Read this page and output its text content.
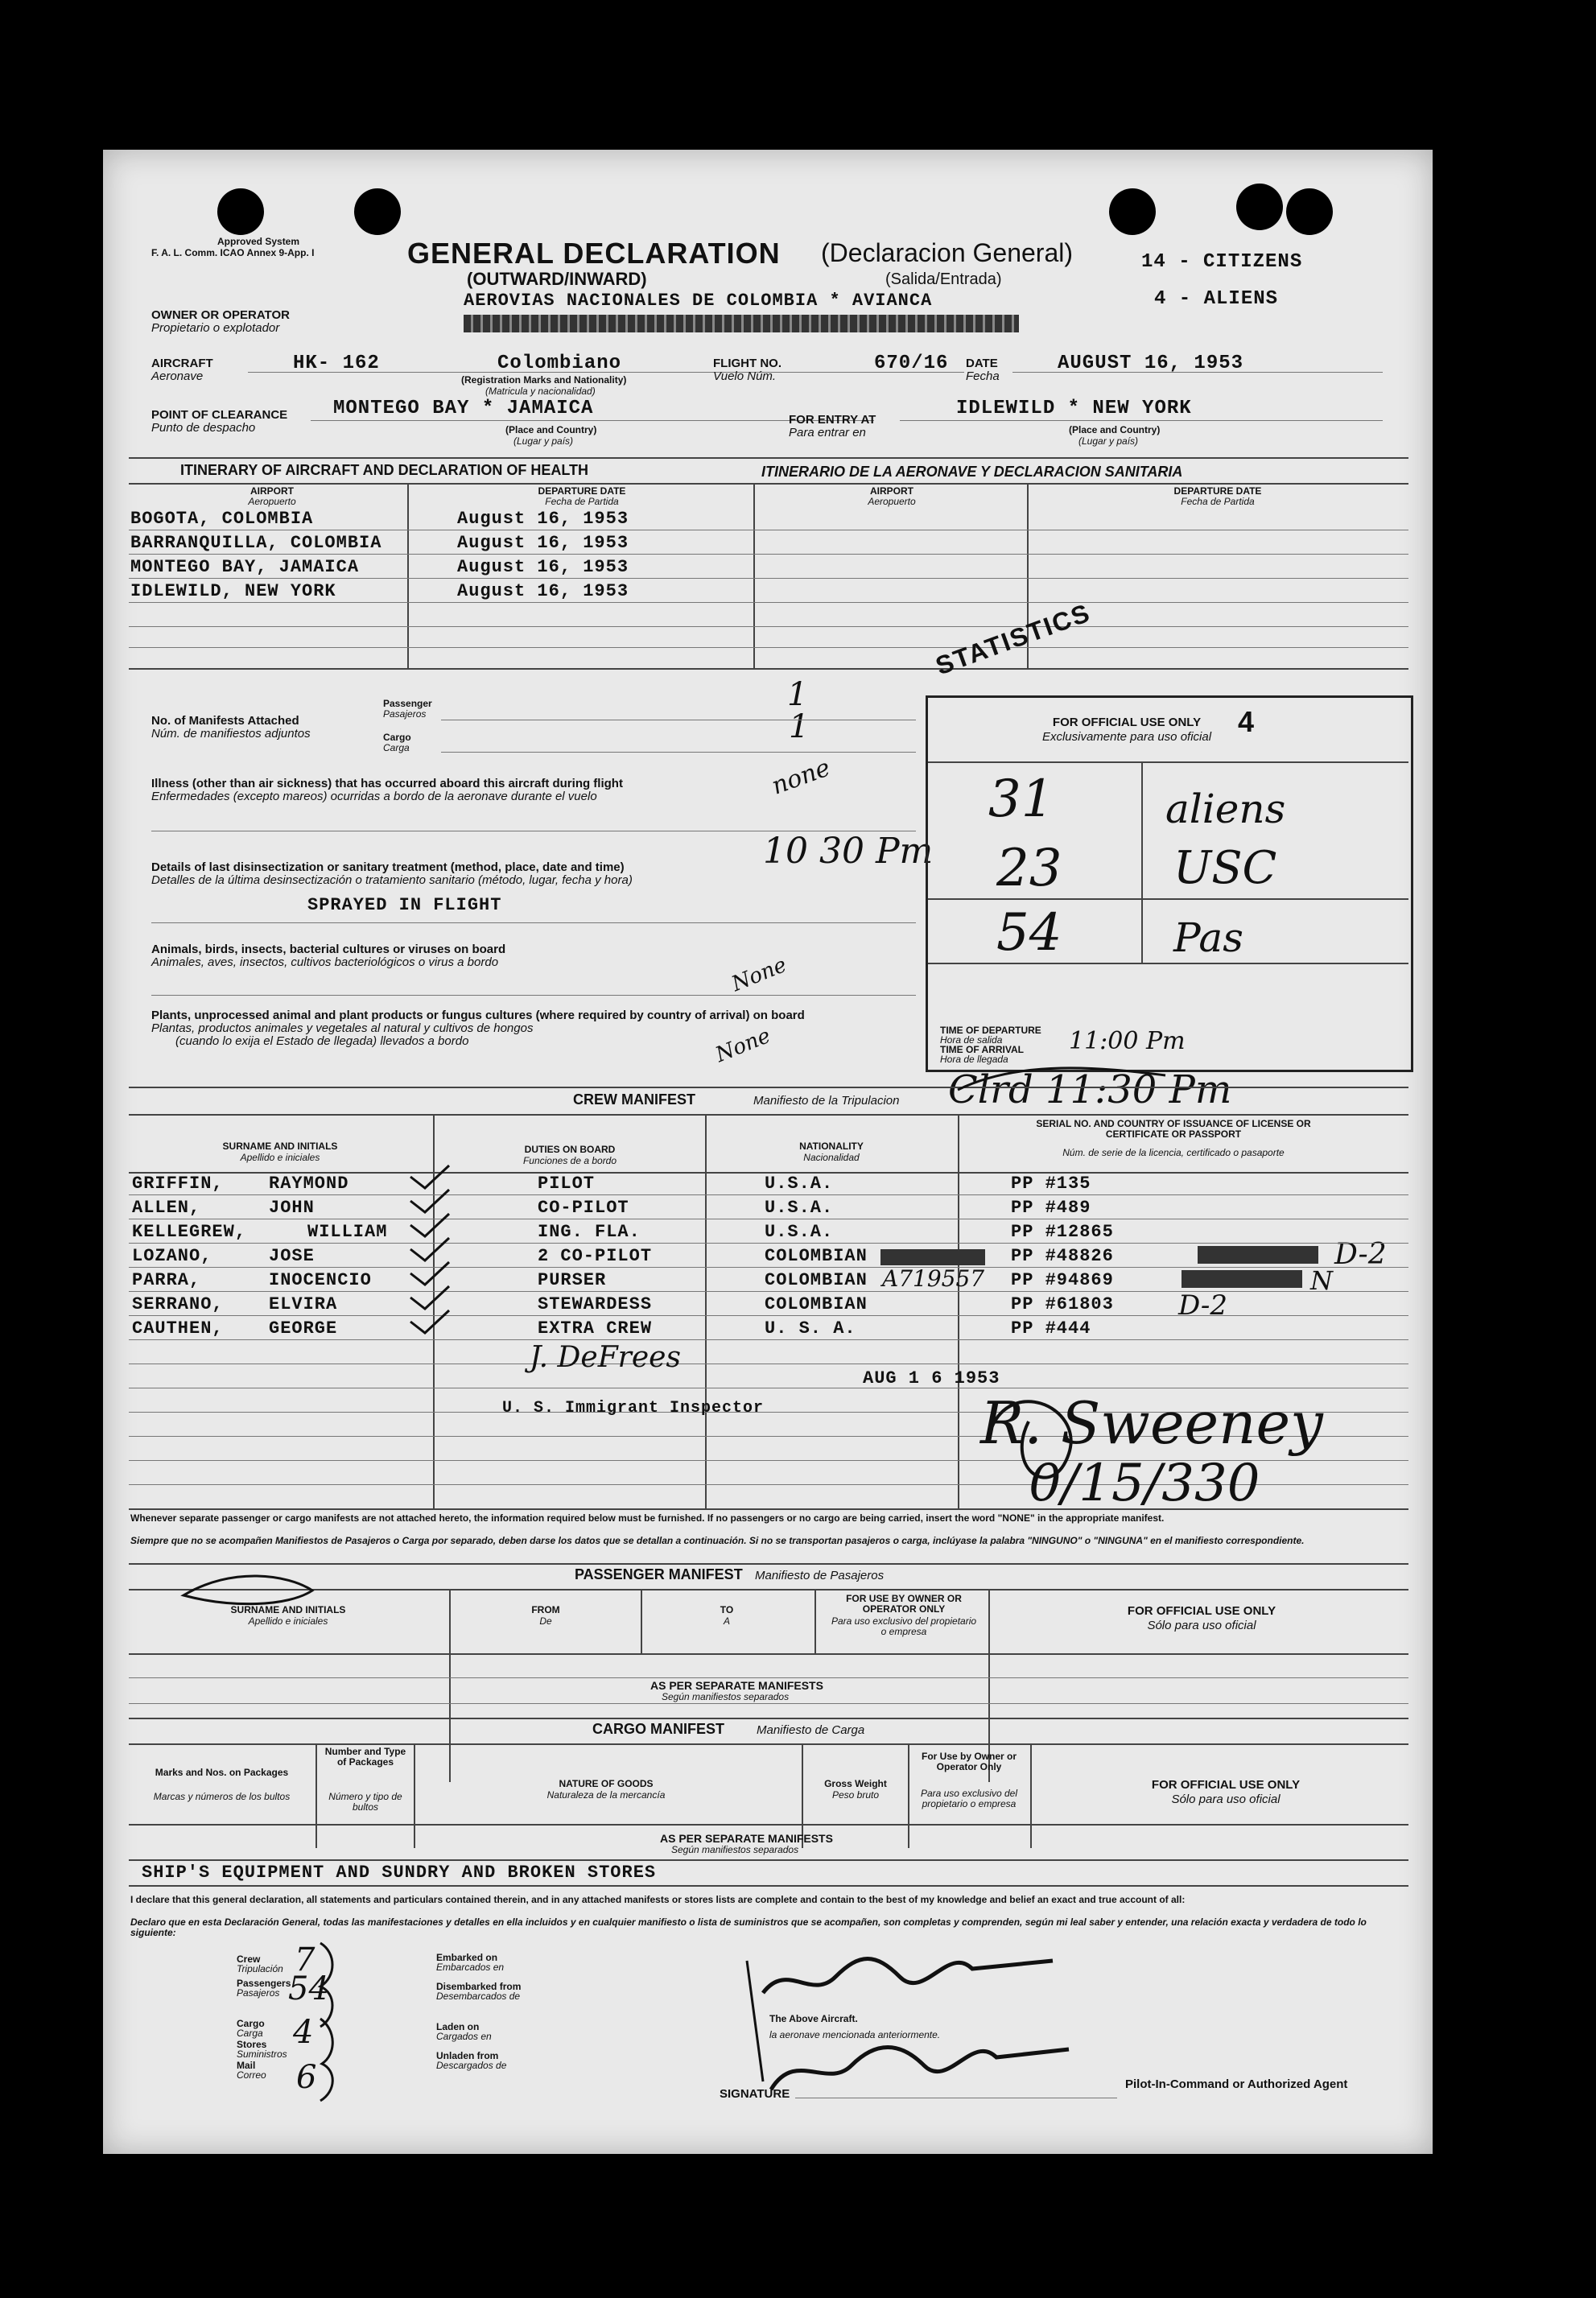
Approved System
F. A. L. Comm. ICAO Annex 9-App. I	GENERAL DECLARATION (Declaracion General)
(OUTWARD/INWARD)	(Salida/Entrada)
AEROVIAS NACIONALES DE COLOMBIA * AVIANCA
OWNER OR OPERATOR
Propietario o explotador
14 - CITIZENS
4 - ALIENS
AIRCRAFT
Aeronave
HK- 162	Colombiano
(Registration Marks and Nationality)
(Matricula y nacionalidad)
FLIGHT NO.
Vuelo Núm.
670/16 DATE
Fecha
AUGUST 16, 1953
POINT OF CLEARANCE
Punto de despacho
MONTEGO BAY * JAMAICA
(Place and Country)
(Lugar y país)
FOR ENTRY AT
Para entrar en
IDLEWILD * NEW YORK
(Place and Country)
(Lugar y país)
ITINERARY OF AIRCRAFT AND DECLARATION OF HEALTH	ITINERARIO DE LA AERONAVE Y DECLARACION SANITARIA
AIRPORT
Aeropuerto
DEPARTURE DATE
Fecha de Partida
AIRPORT
Aeropuerto
DEPARTURE DATE
Fecha de Partida
BOGOTA, COLOMBIA	August 16, 1953
BARRANQUILLA, COLOMBIA	August 16, 1953
MONTEGO BAY, JAMAICA	August 16, 1953
IDLEWILD, NEW YORK	August 16, 1953
STATISTICS
No. of Manifests Attached
Núm. de manifiestos adjuntos
Passenger
Pasajeros
Cargo
Carga
1
1
Illness (other than air sickness) that has occurred aboard this aircraft during flight
Enfermedades (excepto mareos) ocurridas a bordo de la aeronave durante el vuelo	none
Details of last disinsectization or sanitary treatment (method, place, date and time)
Detalles de la última desinsectización o tratamiento sanitario (método, lugar, fecha y hora)
10 30 Pm
SPRAYED IN FLIGHT
Animals, birds, insects, bacterial cultures or viruses on board
Animales, aves, insectos, cultivos bacteriológicos o virus a bordo	None
Plants, unprocessed animal and plant products or fungus cultures (where required by country of arrival) on board
Plantas, productos animales y vegetales al natural y cultivos de hongos
(cuando lo exija el Estado de llegada) llevados a bordo	None
FOR OFFICIAL USE ONLY
Exclusivamente para uso oficial 4
31	aliens
23 USC
54	Pas
TIME OF DEPARTURE
Hora de salida
TIME OF ARRIVAL
Hora de llegada
11:00 Pm
Clrd 11:30 Pm
CREW MANIFEST	Manifiesto de la Tripulacion
SURNAME AND INITIALS
Apellido e iniciales
DUTIES ON BOARD
Funciones de a bordo
NATIONALITY
Nacionalidad
SERIAL NO. AND COUNTRY OF ISSUANCE OF LICENSE OR CERTIFICATE OR PASSPORT
Núm. de serie de la licencia, certificado o pasaporte
GRIFFIN,	RAYMOND	PILOT	U.S.A.	PP #135
ALLEN,	JOHN	CO-PILOT	U.S.A.	PP #489
KELLEGREW,	WILLIAM	ING. FLA.	U.S.A.	PP #12865
LOZANO,	JOSE	2 CO-PILOT	COLOMBIAN	PP #48826	D-2
PARRA,	INOCENCIO	PURSER	COLOMBIAN A719557 PP #94869	N
SERRANO,	ELVIRA	STEWARDESS	COLOMBIAN	PP #61803 D-2
CAUTHEN,	GEORGE	EXTRA CREW	U. S. A.	PP #444
J. DeFrees
U. S. Immigrant Inspector
AUG 1 6 1953
R. Sweeney
0/15/330
Whenever separate passenger or cargo manifests are not attached hereto, the information required below must be furnished. If no passengers or no cargo are being carried, insert the word "NONE" in the appropriate manifest.
Siempre que no se acompañen Manifiestos de Pasajeros o Carga por separado, deben darse los datos que se detallan a continuación. Si no se transportan pasajeros o carga, inclúyase la palabra "NINGUNO" o "NINGUNA" en el manifiesto correspondiente.
PASSENGER MANIFEST Manifiesto de Pasajeros
SURNAME AND INITIALS
Apellido e iniciales
FROM
De
TO
A
FOR USE BY OWNER OR OPERATOR ONLY
Para uso exclusivo del propietario o empresa
FOR OFFICIAL USE ONLY
Sólo para uso oficial
AS PER SEPARATE MANIFESTS
Según manifiestos separados
CARGO MANIFEST	Manifiesto de Carga
Marks and Nos. on Packages
Marcas y números de los bultos
Number and Type of Packages
Número y tipo de bultos
NATURE OF GOODS
Naturaleza de la mercancía
Gross Weight
Peso bruto
For Use by Owner or Operator Only
Para uso exclusivo del propietario o empresa
FOR OFFICIAL USE ONLY
Sólo para uso oficial
AS PER SEPARATE MANIFESTS
Según manifiestos separados
SHIP'S EQUIPMENT AND SUNDRY AND BROKEN STORES
I declare that this general declaration, all statements and particulars contained therein, and in any attached manifests or stores lists are complete and contain to the best of my knowledge and belief an exact and true account of all:
Declaro que en esta Declaración General, todas las manifestaciones y detalles en ella incluidos y en cualquier manifiesto o lista de suministros que se acompañen, son completas y comprenden, según mi leal saber y entender, una relación exacta y verdadera de todo lo siguiente:
Crew
Tripulación 7
Passengers
Pasajeros 54
Cargo
Carga 4
Stores
Suministros
Mail
Correo 6
Embarked on
Embarcados en
Disembarked from
Desembarcados de
Laden on
Cargados en
Unladen from
Descargados de
The Above Aircraft.
la aeronave mencionada anteriormente.
SIGNATURE
Pilot-In-Command or Authorized Agent
